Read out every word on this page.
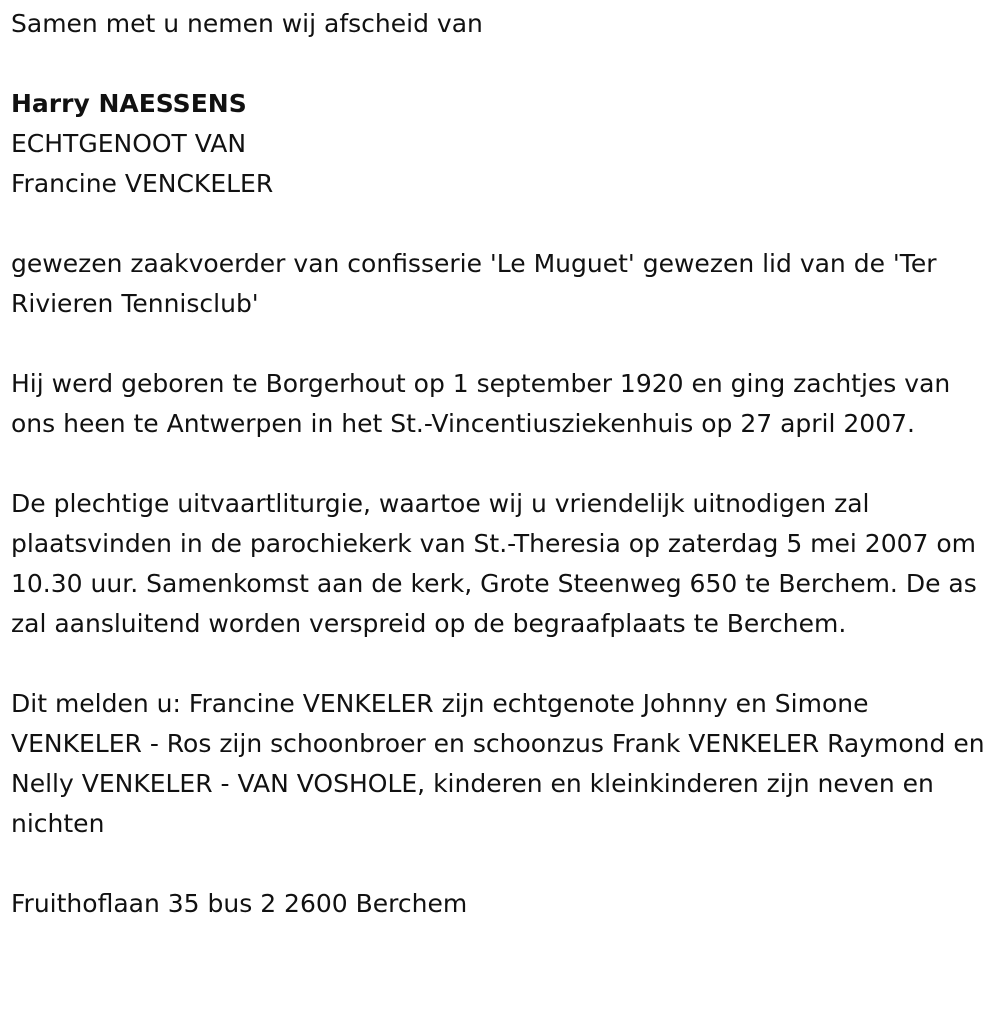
Samen met u nemen wij afscheid van

Harry NAESSENS

ECHTGENOOT VAN

Francine VENCKELER

gewezen zaakvoerder van confisserie 'Le Muguet' gewezen lid van de 'Ter Rivieren Tennisclub'

Hij werd geboren te Borgerhout op 1 september 1920 en ging zachtjes van ons heen te Antwerpen in het St.-Vincentiusziekenhuis op 27 april 2007.

De plechtige uitvaartliturgie, waartoe wij u vriendelijk uitnodigen zal plaatsvinden in de parochiekerk van St.-Theresia op zaterdag 5 mei 2007 om 10.30 uur. Samenkomst aan de kerk, Grote Steenweg 650 te Berchem. De as zal aansluitend worden verspreid op de begraafplaats te Berchem.

Dit melden u: Francine VENKELER zijn echtgenote Johnny en Simone VENKELER - Ros zijn schoonbroer en schoonzus Frank VENKELER Raymond en Nelly VENKELER - VAN VOSHOLE, kinderen en kleinkinderen zijn neven en nichten

Fruithoflaan 35 bus 2 2600 Berchem
